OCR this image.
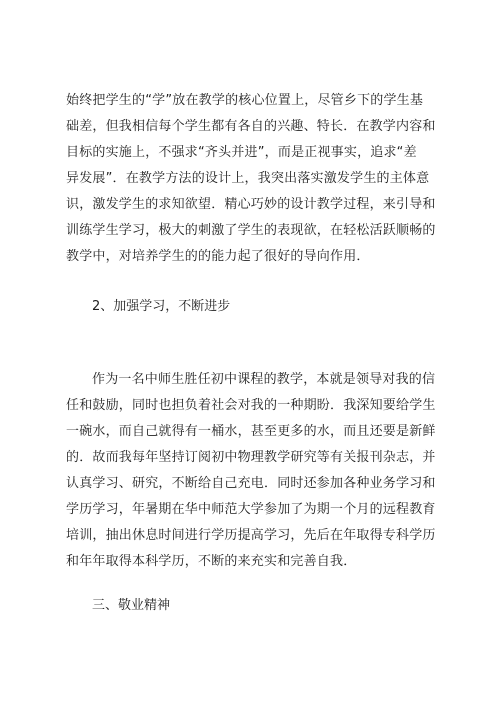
始终把学生的“学”放在教学的核心位置上，尽管乡下的学生基
础差，但我相信每个学生都有各自的兴趣、特长．在教学内容和
目标的实施上，不强求“齐头并进”，而是正视事实，追求“差
异发展”．在教学方法的设计上，我突出落实激发学生的主体意
识，激发学生的求知欲望．精心巧妙的设计教学过程，来引导和
训练学生学习，极大的刺激了学生的表现欲，在轻松活跃顺畅的
教学中，对培养学生的的能力起了很好的导向作用．
2、加强学习，不断进步
作为一名中师生胜任初中课程的教学，本就是领导对我的信
任和鼓励，同时也担负着社会对我的一种期盼．我深知要给学生
一碗水，而自己就得有一桶水，甚至更多的水，而且还要是新鲜
的．故而我每年坚持订阅初中物理教学研究等有关报刊杂志，并
认真学习、研究，不断给自己充电．同时还参加各种业务学习和
学历学习，年暑期在华中师范大学参加了为期一个月的远程教育
培训，抽出休息时间进行学历提高学习，先后在年取得专科学历
和年年取得本科学历，不断的来充实和完善自我．
三、敬业精神
